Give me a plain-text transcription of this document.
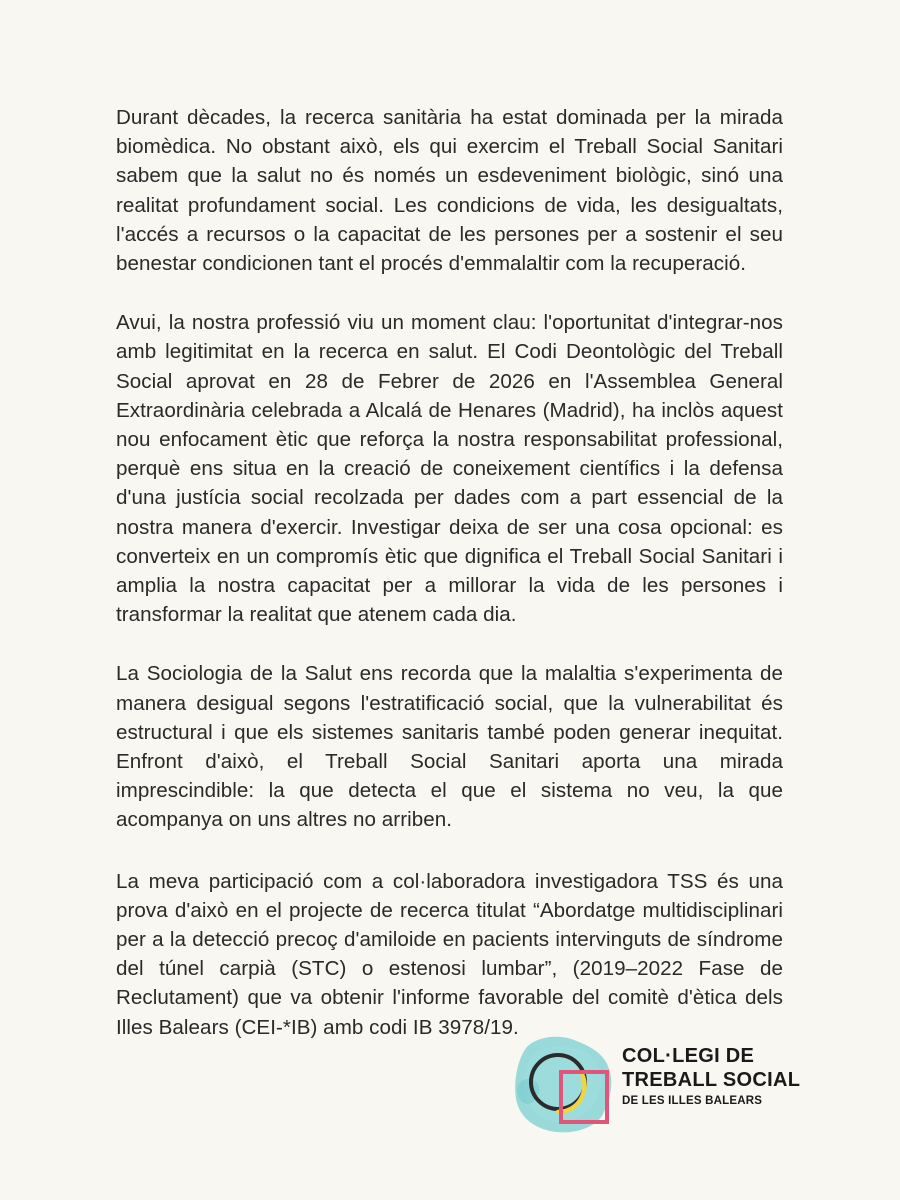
Durant dècades, la recerca sanitària ha estat dominada per la mirada biomèdica. No obstant això, els qui exercim el Treball Social Sanitari sabem que la salut no és només un esdeveniment biològic, sinó una realitat profundament social. Les condicions de vida, les desigualtats, l'accés a recursos o la capacitat de les persones per a sostenir el seu benestar condicionen tant el procés d'emmalaltir com la recuperació.

Avui, la nostra professió viu un moment clau: l'oportunitat d'integrar-nos amb legitimitat en la recerca en salut. El Codi Deontològic del Treball Social aprovat en 28 de Febrer de 2026 en l'Assemblea General Extraordinària celebrada a Alcalá de Henares (Madrid), ha inclòs aquest nou enfocament ètic que reforça la nostra responsabilitat professional, perquè ens situa en la creació de coneixement científics i la defensa d'una justícia social recolzada per dades com a part essencial de la nostra manera d'exercir. Investigar deixa de ser una cosa opcional: es converteix en un compromís ètic que dignifica el Treball Social Sanitari i amplia la nostra capacitat per a millorar la vida de les persones i transformar la realitat que atenem cada dia.

La Sociologia de la Salut ens recorda que la malaltia s'experimenta de manera desigual segons l'estratificació social, que la vulnerabilitat és estructural i que els sistemes sanitaris també poden generar inequitat. Enfront d'això, el Treball Social Sanitari aporta una mirada imprescindible: la que detecta el que el sistema no veu, la que acompanya on uns altres no arriben.

La meva participació com a col·laboradora investigadora TSS és una prova d'això en el projecte de recerca titulat “Abordatge multidisciplinari per a la detecció precoç d'amiloide en pacients intervinguts de síndrome del túnel carpià (STC) o estenosi lumbar”, (2019–2022 Fase de Reclutament) que va obtenir l'informe favorable del comitè d'ètica dels Illes Balears (CEI-*IB) amb codi IB 3978/19.

COL·LEGI DE
TREBALL SOCIAL
DE LES ILLES BALEARS
